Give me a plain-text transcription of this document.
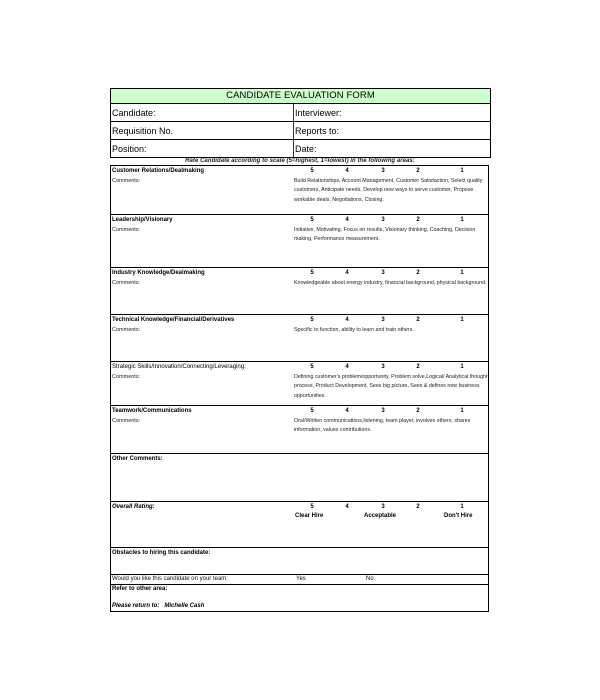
CANDIDATE EVALUATION FORM
Candidate:	Interviewer:
Requisition No.	Reports to:
Position:	Date:
Rate Candidate according to scale (5=highest, 1=lowest) in the following areas:
Customer Relations/Dealmaking
Comments:
5	4	3	2	1
Build Relationships, Account Management, Customer Satisfaction, Select quality customers, Anticipate needs, Develop new ways to serve customer, Propose workable deals, Negotiations, Closing.
Leadership/Visionary
Comments:
5	4	3	2	1
Initiative, Motivating, Focus on results, Visionary thinking, Coaching, Decision making, Performance measurement.
Industry Knowledge/Dealmaking
Comments:
5	4	3	2	1
Knowledgeable about energy industry, financial background, physical background.
Technical Knowledge/Financial/Derivatives
Comments:
5	4	3	2	1
Specific to function, ability to learn and train others.
Strategic Skills/Innovation/Connecting/Leveraging:
Comments:
5	4	3	2	1
Defining customer's problem/opportunity, Problem solve,Logical/ Analytical thought process, Product Development, Sees big picture, Sees & defines new business opportunities.
Teamwork/Communications
Comments:
5	4	3	2	1
Oral/Written communications,listening, team player, involves others, shares information, values contributions.
Other Comments:
Overall Rating:	5	4	3	2	1
Clear Hire	Acceptable	Don't Hire
Obstacles to hiring this candidate:
Would you like this candidate on your team:	Yes	No
Refer to other area:
Please return to: Michelle Cash
